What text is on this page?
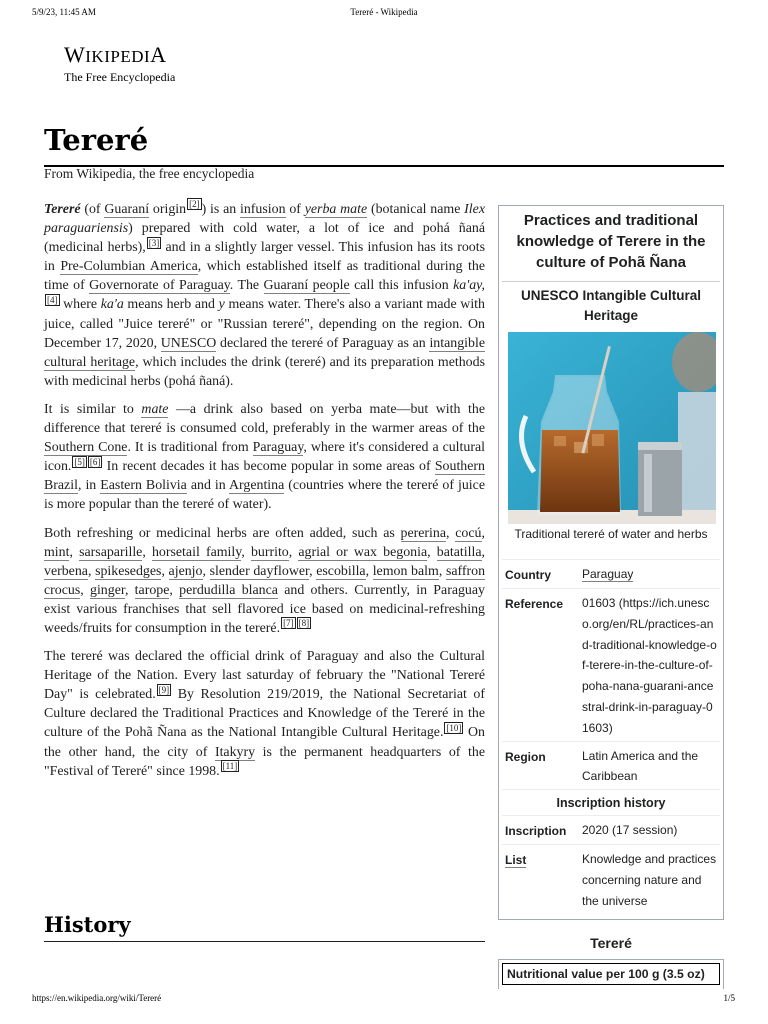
5/9/23, 11:45 AM	Tereré - Wikipedia
WIKIPEDIA
The Free Encyclopedia
Tereré
From Wikipedia, the free encyclopedia

Tereré (of Guaraní origin [2] ) is an infusion of yerba mate (botanical name Ilex paraguariensis) prepared with cold water, a lot of ice and pohá ñaná (medicinal herbs), [3] and in a slightly larger vessel. This infusion has its roots in Pre-Columbian America, which established itself as traditional during the time of Governorate of Paraguay. The Guaraní people call this infusion ka'ay,[4] where ka'a means herb and y means water. There's also a variant made with juice, called "Juice tereré" or "Russian tereré", depending on the region. On December 17, 2020, UNESCO declared the tereré of Paraguay as an intangible cultural heritage, which includes the drink (tereré) and its preparation methods with medicinal herbs (pohá ñaná).

It is similar to mate —a drink also based on yerba mate—but with the difference that tereré is consumed cold, preferably in the warmer areas of the Southern Cone. It is traditional from Paraguay, where it's considered a cultural icon. [5] [6] In recent decades it has become popular in some areas of Southern Brazil, in Eastern Bolivia and in Argentina (countries where the tereré of juice is more popular than the tereré of water).

Both refreshing or medicinal herbs are often added, such as pererina, cocú, mint, sarsaparille, horsetail family, burrito, agrial or wax begonia, batatilla, verbena, spikesedges, ajenjo, slender dayflower, escobilla, lemon balm, saffron crocus, ginger, tarope, perdudilla blanca and others. Currently, in Paraguay exist various franchises that sell flavored ice based on medicinal-refreshing weeds/fruits for consumption in the tereré. [7] [8]

The tereré was declared the official drink of Paraguay and also the Cultural Heritage of the Nation. Every last saturday of february the "National Tereré Day" is celebrated. [9] By Resolution 219/2019, the National Secretariat of Culture declared the Traditional Practices and Knowledge of the Tereré in the culture of the Pohã Ñana as the National Intangible Cultural Heritage. [10] On the other hand, the city of Itakyry is the permanent headquarters of the "Festival of Tereré" since 1998. [11]

History
Practices and traditional knowledge of Terere in the culture of Pohã Ñana
UNESCO Intangible Cultural Heritage
Traditional tereré of water and herbs
Country	Paraguay
Reference	01603 (https://ich.unesco.org/en/RL/practices-and-traditional-knowledge-of-terere-in-the-culture-of-poha-nana-guarani-ancestral-drink-in-paraguay-01603)
Region	Latin America and the Caribbean
Inscription history
Inscription	2020 (17 session)
List	Knowledge and practices concerning nature and the universe
Tereré
Nutritional value per 100 g (3.5 oz)
https://en.wikipedia.org/wiki/Tereré	1/5
